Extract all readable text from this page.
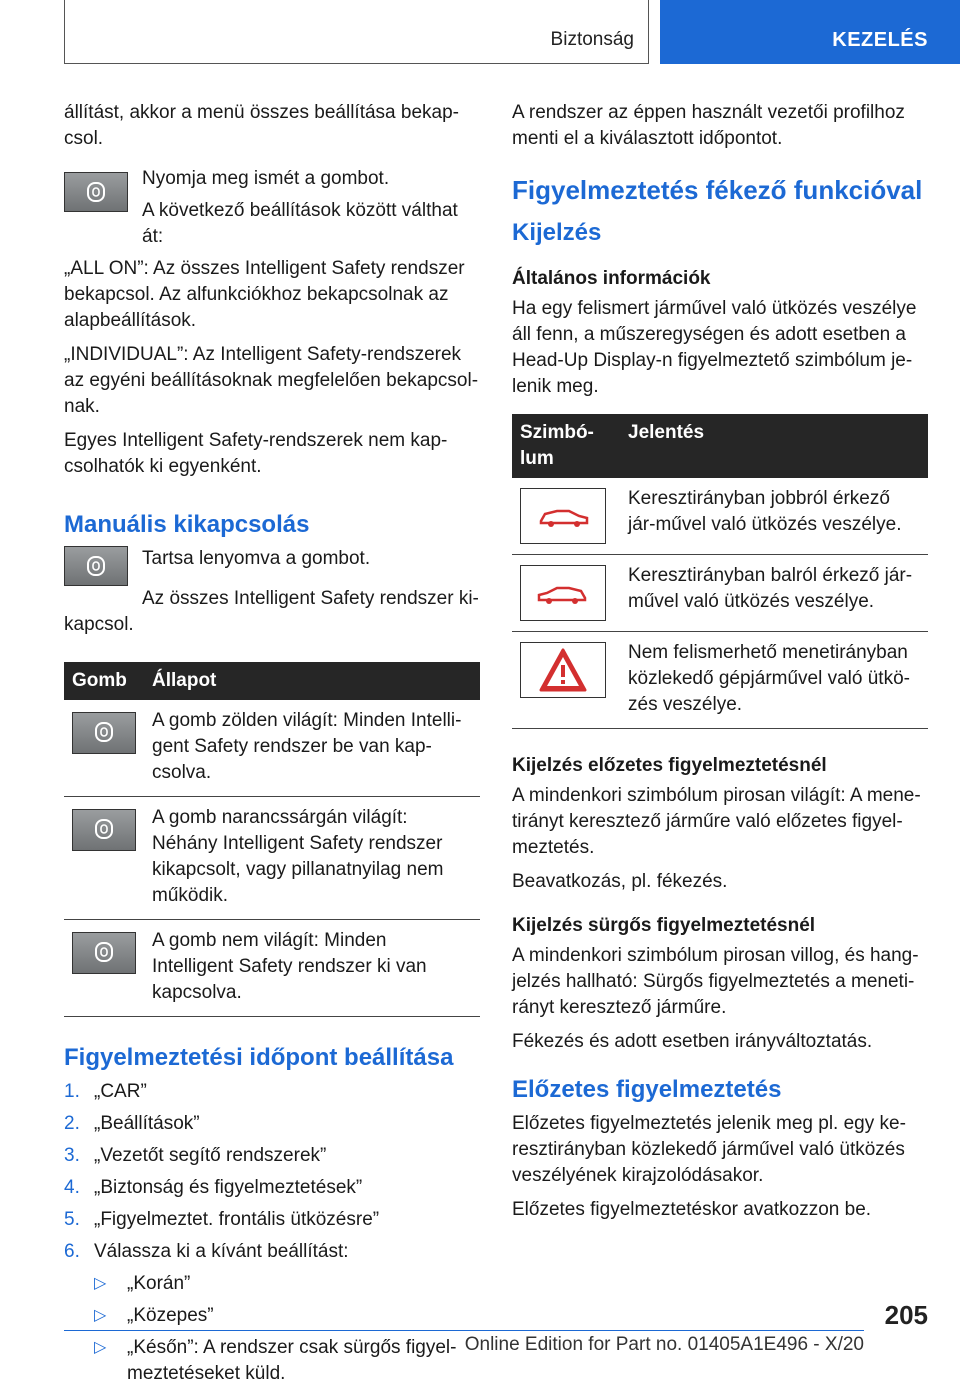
Biztonság	KEZELÉS

állítást, akkor a menü összes beállítása bekap-csol.

Nyomja meg ismét a gombot.

A következő beállítások között válthat át:

„ALL ON”: Az összes Intelligent Safety rendszer bekapcsol. Az alfunkciókhoz bekapcsolnak az alapbeállítások.

„INDIVIDUAL”: Az Intelligent Safety-rendszerek az egyéni beállításoknak megfelelően bekapcsol-nak.

Egyes Intelligent Safety-rendszerek nem kap-csolhatók ki egyenként.

Manuális kikapcsolás

Tartsa lenyomva a gombot.

Az összes Intelligent Safety rendszer ki-kapcsol.

Gomb	Állapot

	A gomb zölden világít: Minden Intelli-gent Safety rendszer be van kap-csolva.

	A gomb narancssárgán világít: Néhány Intelligent Safety rendszer kikapcsolt, vagy pillanatnyilag nem működik.

	A gomb nem világít: Minden Intelligent Safety rendszer ki van kapcsolva.
Figyelmeztetési időpont beállítása
1. „CAR”
2. „Beállítások”
3. „Vezetőt segítő rendszerek”
4. „Biztonság és figyelmeztetések”
5. „Figyelmeztet. frontális ütközésre”
6. Válassza ki a kívánt beállítást:
▷ „Korán”
▷ „Közepes”
▷ „Későn”: A rendszer csak sürgős figyel-meztetéseket küld.

A rendszer az éppen használt vezetői profilhoz menti el a kiválasztott időpontot.

Figyelmeztetés fékező funkcióval
Kijelzés
Általános információk

Ha egy felismert járművel való ütközés veszélye áll fenn, a műszeregységen és adott esetben a Head-Up Display-n figyelmeztető szimbólum je-lenik meg.

Szimbó-lum	Jelentés

	Keresztirányban jobbról érkező jár-művel való ütközés veszélye.

	Keresztirányban balról érkező jár-művel való ütközés veszélye.

	Nem felismerhető menetirányban közlekedő gépjárművel való ütkö-zés veszélye.
Kijelzés előzetes figyelmeztetésnél

A mindenkori szimbólum pirosan világít: A mene-tirányt keresztező járműre való előzetes figyel-meztetés.

Beavatkozás, pl. fékezés.

Kijelzés sürgős figyelmeztetésnél

A mindenkori szimbólum pirosan villog, és hang-jelzés hallható: Sürgős figyelmeztetés a meneti-rányt keresztező járműre.

Fékezés és adott esetben irányváltoztatás.

Előzetes figyelmeztetés

Előzetes figyelmeztetés jelenik meg pl. egy ke-resztirányban közlekedő járművel való ütközés veszélyének kirajzolódásakor.

Előzetes figyelmeztetéskor avatkozzon be.

205
Online Edition for Part no. 01405A1E496 - X/20
